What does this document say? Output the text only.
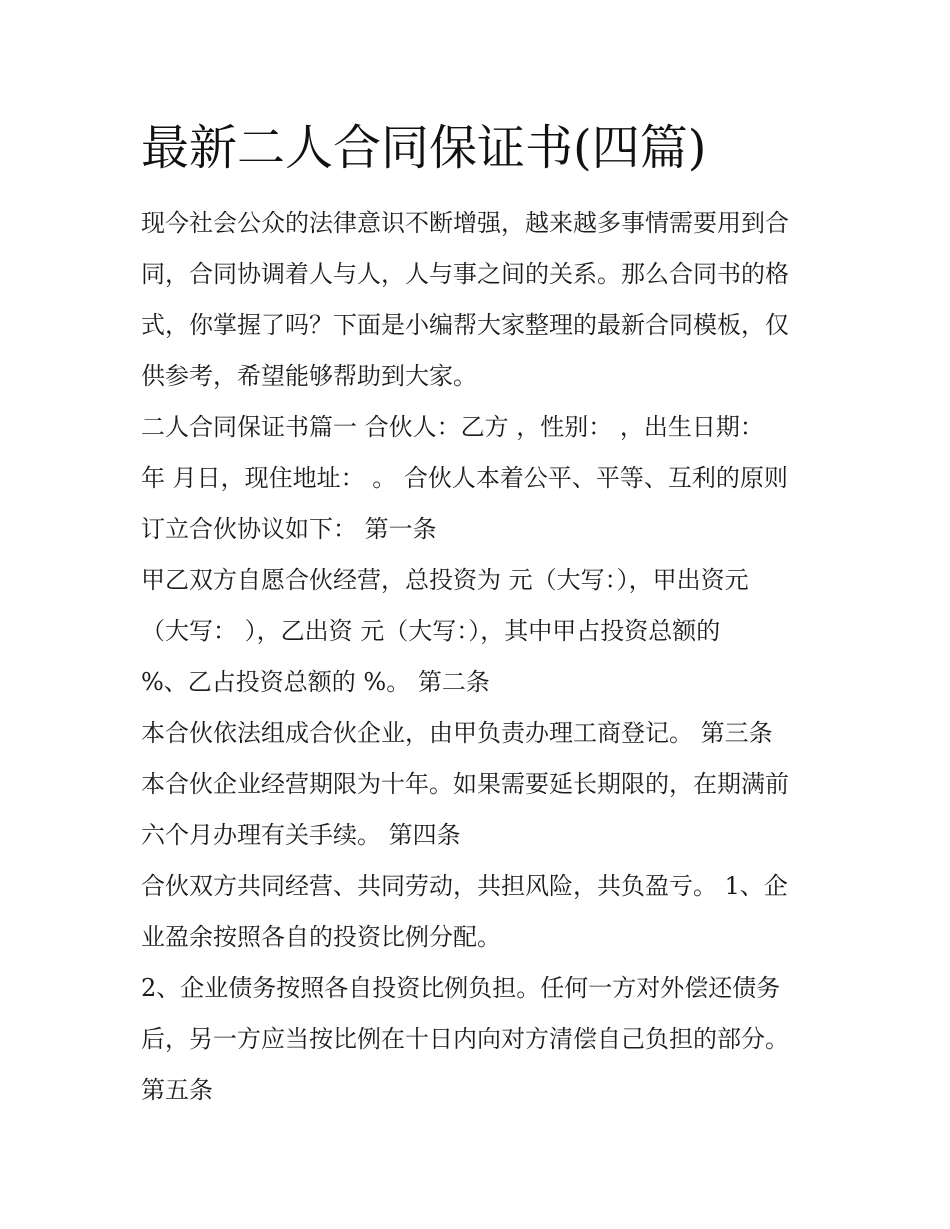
最新二人合同保证书(四篇)
现今社会公众的法律意识不断增强，越来越多事情需要用到合
同，合同协调着人与人，人与事之间的关系。那么合同书的格
式，你掌握了吗？下面是小编帮大家整理的最新合同模板，仅
供参考，希望能够帮助到大家。
二人合同保证书篇一 合伙人：乙方 ，性别： ，出生日期：
年 月日，现住地址： 。 合伙人本着公平、平等、互利的原则
订立合伙协议如下： 第一条
甲乙双方自愿合伙经营，总投资为 元（大写：），甲出资元
（大写： ），乙出资 元（大写：），其中甲占投资总额的
%、乙占投资总额的 %。 第二条
本合伙依法组成合伙企业，由甲负责办理工商登记。 第三条
本合伙企业经营期限为十年。如果需要延长期限的，在期满前
六个月办理有关手续。 第四条
合伙双方共同经营、共同劳动，共担风险，共负盈亏。 1、企
业盈余按照各自的投资比例分配。
2、企业债务按照各自投资比例负担。任何一方对外偿还债务
后，另一方应当按比例在十日内向对方清偿自己负担的部分。
第五条
